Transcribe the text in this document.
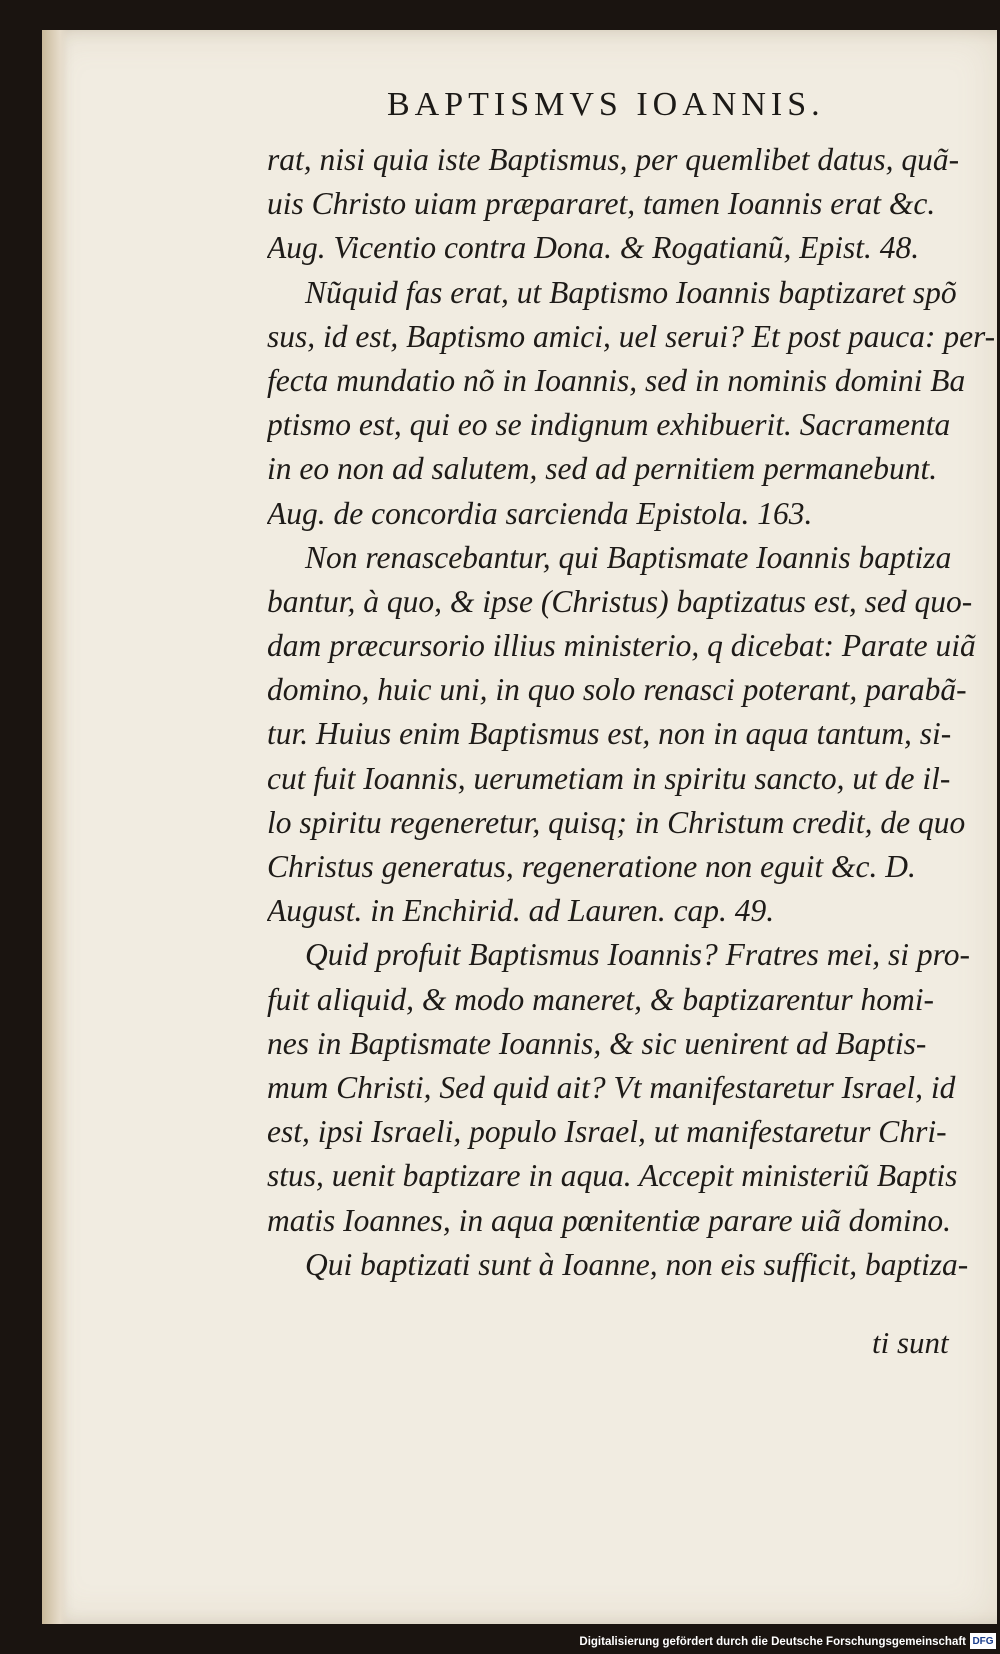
BAPTISMVS IOANNIS.
rat, nisi quia iste Baptismus, per quemlibet datus, quã-
uis Christo uiam præpararet, tamen Ioannis erat &c.
Aug. Vicentio contra Dona. & Rogatianũ, Epist. 48.
Nũquid fas erat, ut Baptismo Ioannis baptizaret spõ
sus, id est, Baptismo amici, uel serui? Et post pauca: per-
fecta mundatio nõ in Ioannis, sed in nominis domini Ba
ptismo est, qui eo se indignum exhibuerit. Sacramenta
in eo non ad salutem, sed ad pernitiem permanebunt.
Aug. de concordia sarcienda Epistola. 163.
Non renascebantur, qui Baptismate Ioannis baptiza
bantur, à quo, & ipse (Christus) baptizatus est, sed quo-
dam præcursorio illius ministerio, q dicebat: Parate uiã
domino, huic uni, in quo solo renasci poterant, parabã-
tur. Huius enim Baptismus est, non in aqua tantum, si-
cut fuit Ioannis, uerumetiam in spiritu sancto, ut de il-
lo spiritu regeneretur, quisq; in Christum credit, de quo
Christus generatus, regeneratione non eguit &c. D.
August. in Enchirid. ad Lauren. cap. 49.
Quid profuit Baptismus Ioannis? Fratres mei, si pro-
fuit aliquid, & modo maneret, & baptizarentur homi-
nes in Baptismate Ioannis, & sic uenirent ad Baptis-
mum Christi, Sed quid ait? Vt manifestaretur Israel, id
est, ipsi Israeli, populo Israel, ut manifestaretur Chri-
stus, uenit baptizare in aqua. Accepit ministeriũ Baptis
matis Ioannes, in aqua pœnitentiæ parare uiã domino.
Qui baptizati sunt à Ioanne, non eis sufficit, baptiza-
ti sunt
Digitalisierung gefördert durch die Deutsche Forschungsgemeinschaft DFG
